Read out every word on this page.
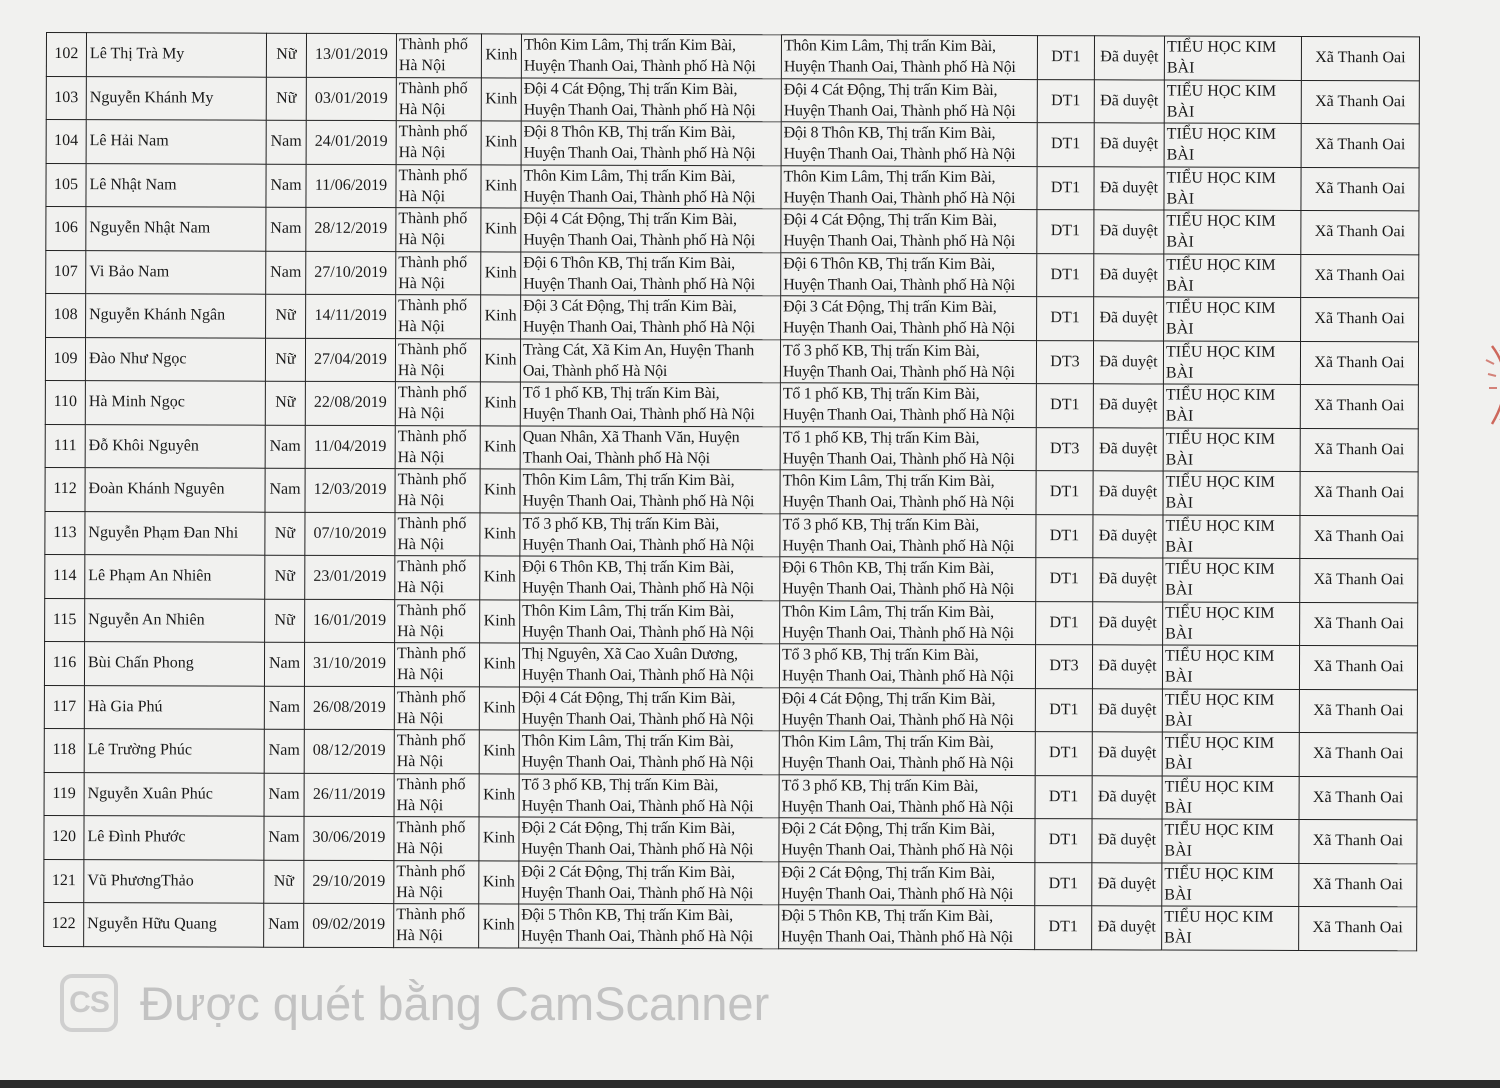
102	Lê Thị Trà My	Nữ	13/01/2019	Thành phố
Hà Nội	Kinh	Thôn Kim Lâm, Thị trấn Kim Bài,
Huyện Thanh Oai, Thành phố Hà Nội	Thôn Kim Lâm, Thị trấn Kim Bài,
Huyện Thanh Oai, Thành phố Hà Nội	DT1	Đã duyệt	TIỂU HỌC KIM
BÀI	Xã Thanh Oai
103	Nguyễn Khánh My	Nữ	03/01/2019	Thành phố
Hà Nội	Kinh	Đội 4 Cát Động, Thị trấn Kim Bài,
Huyện Thanh Oai, Thành phố Hà Nội	Đội 4 Cát Động, Thị trấn Kim Bài,
Huyện Thanh Oai, Thành phố Hà Nội	DT1	Đã duyệt	TIỂU HỌC KIM
BÀI	Xã Thanh Oai
104	Lê Hải Nam	Nam	24/01/2019	Thành phố
Hà Nội	Kinh	Đội 8 Thôn KB, Thị trấn Kim Bài,
Huyện Thanh Oai, Thành phố Hà Nội	Đội 8 Thôn KB, Thị trấn Kim Bài,
Huyện Thanh Oai, Thành phố Hà Nội	DT1	Đã duyệt	TIỂU HỌC KIM
BÀI	Xã Thanh Oai
105	Lê Nhật Nam	Nam	11/06/2019	Thành phố
Hà Nội	Kinh	Thôn Kim Lâm, Thị trấn Kim Bài,
Huyện Thanh Oai, Thành phố Hà Nội	Thôn Kim Lâm, Thị trấn Kim Bài,
Huyện Thanh Oai, Thành phố Hà Nội	DT1	Đã duyệt	TIỂU HỌC KIM
BÀI	Xã Thanh Oai
106	Nguyễn Nhật Nam	Nam	28/12/2019	Thành phố
Hà Nội	Kinh	Đội 4 Cát Động, Thị trấn Kim Bài,
Huyện Thanh Oai, Thành phố Hà Nội	Đội 4 Cát Động, Thị trấn Kim Bài,
Huyện Thanh Oai, Thành phố Hà Nội	DT1	Đã duyệt	TIỂU HỌC KIM
BÀI	Xã Thanh Oai
107	Vi Bảo Nam	Nam	27/10/2019	Thành phố
Hà Nội	Kinh	Đội 6 Thôn KB, Thị trấn Kim Bài,
Huyện Thanh Oai, Thành phố Hà Nội	Đội 6 Thôn KB, Thị trấn Kim Bài,
Huyện Thanh Oai, Thành phố Hà Nội	DT1	Đã duyệt	TIỂU HỌC KIM
BÀI	Xã Thanh Oai
108	Nguyễn Khánh Ngân	Nữ	14/11/2019	Thành phố
Hà Nội	Kinh	Đội 3 Cát Động, Thị trấn Kim Bài,
Huyện Thanh Oai, Thành phố Hà Nội	Đội 3 Cát Động, Thị trấn Kim Bài,
Huyện Thanh Oai, Thành phố Hà Nội	DT1	Đã duyệt	TIỂU HỌC KIM
BÀI	Xã Thanh Oai
109	Đào Như Ngọc	Nữ	27/04/2019	Thành phố
Hà Nội	Kinh	Tràng Cát, Xã Kim An, Huyện Thanh
Oai, Thành phố Hà Nội	Tổ 3 phố KB, Thị trấn Kim Bài,
Huyện Thanh Oai, Thành phố Hà Nội	DT3	Đã duyệt	TIỂU HỌC KIM
BÀI	Xã Thanh Oai
110	Hà Minh Ngọc	Nữ	22/08/2019	Thành phố
Hà Nội	Kinh	Tổ 1 phố KB, Thị trấn Kim Bài,
Huyện Thanh Oai, Thành phố Hà Nội	Tổ 1 phố KB, Thị trấn Kim Bài,
Huyện Thanh Oai, Thành phố Hà Nội	DT1	Đã duyệt	TIỂU HỌC KIM
BÀI	Xã Thanh Oai
111	Đỗ Khôi Nguyên	Nam	11/04/2019	Thành phố
Hà Nội	Kinh	Quan Nhân, Xã Thanh Văn, Huyện
Thanh Oai, Thành phố Hà Nội	Tổ 1 phố KB, Thị trấn Kim Bài,
Huyện Thanh Oai, Thành phố Hà Nội	DT3	Đã duyệt	TIỂU HỌC KIM
BÀI	Xã Thanh Oai
112	Đoàn Khánh Nguyên	Nam	12/03/2019	Thành phố
Hà Nội	Kinh	Thôn Kim Lâm, Thị trấn Kim Bài,
Huyện Thanh Oai, Thành phố Hà Nội	Thôn Kim Lâm, Thị trấn Kim Bài,
Huyện Thanh Oai, Thành phố Hà Nội	DT1	Đã duyệt	TIỂU HỌC KIM
BÀI	Xã Thanh Oai
113	Nguyễn Phạm Đan Nhi	Nữ	07/10/2019	Thành phố
Hà Nội	Kinh	Tổ 3 phố KB, Thị trấn Kim Bài,
Huyện Thanh Oai, Thành phố Hà Nội	Tổ 3 phố KB, Thị trấn Kim Bài,
Huyện Thanh Oai, Thành phố Hà Nội	DT1	Đã duyệt	TIỂU HỌC KIM
BÀI	Xã Thanh Oai
114	Lê Phạm An Nhiên	Nữ	23/01/2019	Thành phố
Hà Nội	Kinh	Đội 6 Thôn KB, Thị trấn Kim Bài,
Huyện Thanh Oai, Thành phố Hà Nội	Đội 6 Thôn KB, Thị trấn Kim Bài,
Huyện Thanh Oai, Thành phố Hà Nội	DT1	Đã duyệt	TIỂU HỌC KIM
BÀI	Xã Thanh Oai
115	Nguyễn An Nhiên	Nữ	16/01/2019	Thành phố
Hà Nội	Kinh	Thôn Kim Lâm, Thị trấn Kim Bài,
Huyện Thanh Oai, Thành phố Hà Nội	Thôn Kim Lâm, Thị trấn Kim Bài,
Huyện Thanh Oai, Thành phố Hà Nội	DT1	Đã duyệt	TIỂU HỌC KIM
BÀI	Xã Thanh Oai
116	Bùi Chấn Phong	Nam	31/10/2019	Thành phố
Hà Nội	Kinh	Thị Nguyên, Xã Cao Xuân Dương,
Huyện Thanh Oai, Thành phố Hà Nội	Tổ 3 phố KB, Thị trấn Kim Bài,
Huyện Thanh Oai, Thành phố Hà Nội	DT3	Đã duyệt	TIỂU HỌC KIM
BÀI	Xã Thanh Oai
117	Hà Gia Phú	Nam	26/08/2019	Thành phố
Hà Nội	Kinh	Đội 4 Cát Động, Thị trấn Kim Bài,
Huyện Thanh Oai, Thành phố Hà Nội	Đội 4 Cát Động, Thị trấn Kim Bài,
Huyện Thanh Oai, Thành phố Hà Nội	DT1	Đã duyệt	TIỂU HỌC KIM
BÀI	Xã Thanh Oai
118	Lê Trường Phúc	Nam	08/12/2019	Thành phố
Hà Nội	Kinh	Thôn Kim Lâm, Thị trấn Kim Bài,
Huyện Thanh Oai, Thành phố Hà Nội	Thôn Kim Lâm, Thị trấn Kim Bài,
Huyện Thanh Oai, Thành phố Hà Nội	DT1	Đã duyệt	TIỂU HỌC KIM
BÀI	Xã Thanh Oai
119	Nguyễn Xuân Phúc	Nam	26/11/2019	Thành phố
Hà Nội	Kinh	Tổ 3 phố KB, Thị trấn Kim Bài,
Huyện Thanh Oai, Thành phố Hà Nội	Tổ 3 phố KB, Thị trấn Kim Bài,
Huyện Thanh Oai, Thành phố Hà Nội	DT1	Đã duyệt	TIỂU HỌC KIM
BÀI	Xã Thanh Oai
120	Lê Đình Phước	Nam	30/06/2019	Thành phố
Hà Nội	Kinh	Đội 2 Cát Động, Thị trấn Kim Bài,
Huyện Thanh Oai, Thành phố Hà Nội	Đội 2 Cát Động, Thị trấn Kim Bài,
Huyện Thanh Oai, Thành phố Hà Nội	DT1	Đã duyệt	TIỂU HỌC KIM
BÀI	Xã Thanh Oai
121	Vũ PhươngThảo	Nữ	29/10/2019	Thành phố
Hà Nội	Kinh	Đội 2 Cát Động, Thị trấn Kim Bài,
Huyện Thanh Oai, Thành phố Hà Nội	Đội 2 Cát Động, Thị trấn Kim Bài,
Huyện Thanh Oai, Thành phố Hà Nội	DT1	Đã duyệt	TIỂU HỌC KIM
BÀI	Xã Thanh Oai
122	Nguyễn Hữu Quang	Nam	09/02/2019	Thành phố
Hà Nội	Kinh	Đội 5 Thôn KB, Thị trấn Kim Bài,
Huyện Thanh Oai, Thành phố Hà Nội	Đội 5 Thôn KB, Thị trấn Kim Bài,
Huyện Thanh Oai, Thành phố Hà Nội	DT1	Đã duyệt	TIỂU HỌC KIM
BÀI	Xã Thanh Oai
CS Được quét bằng CamScanner
